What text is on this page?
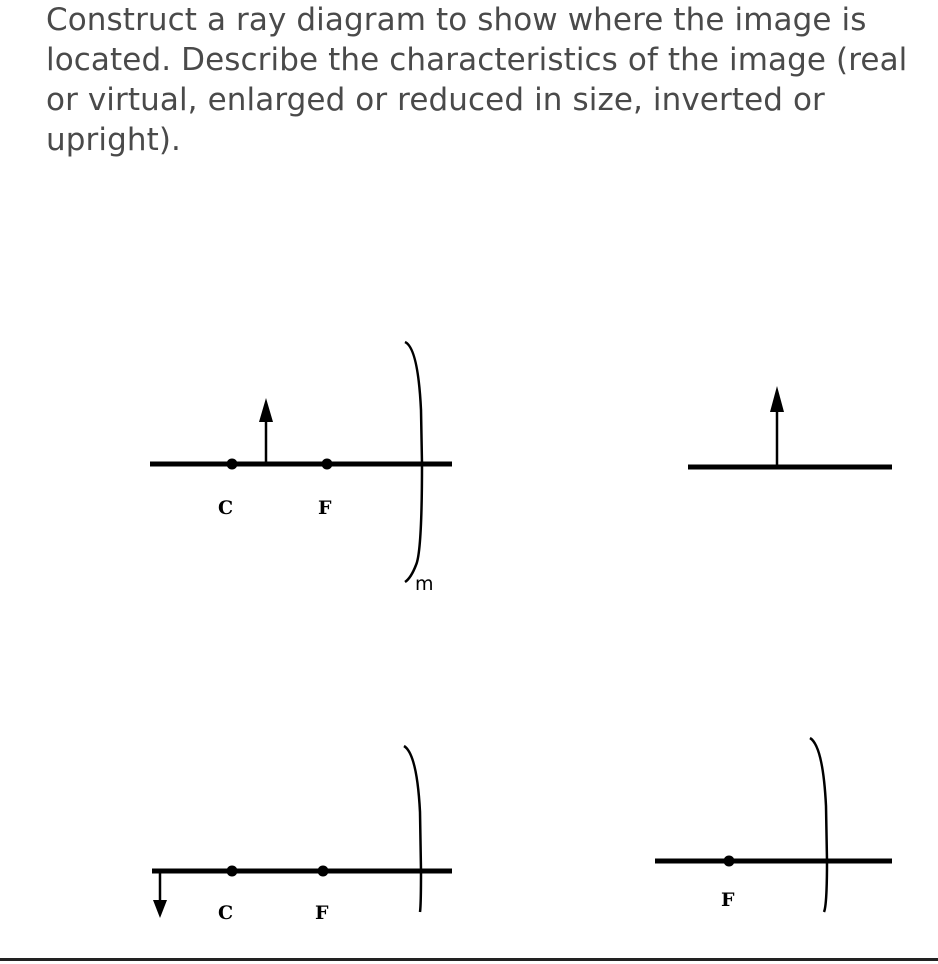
Construct a ray diagram to show where the image is located. Describe the characteristics of the image (real or virtual, enlarged or reduced in size, inverted or upright).

C	F
m
C	F
F
